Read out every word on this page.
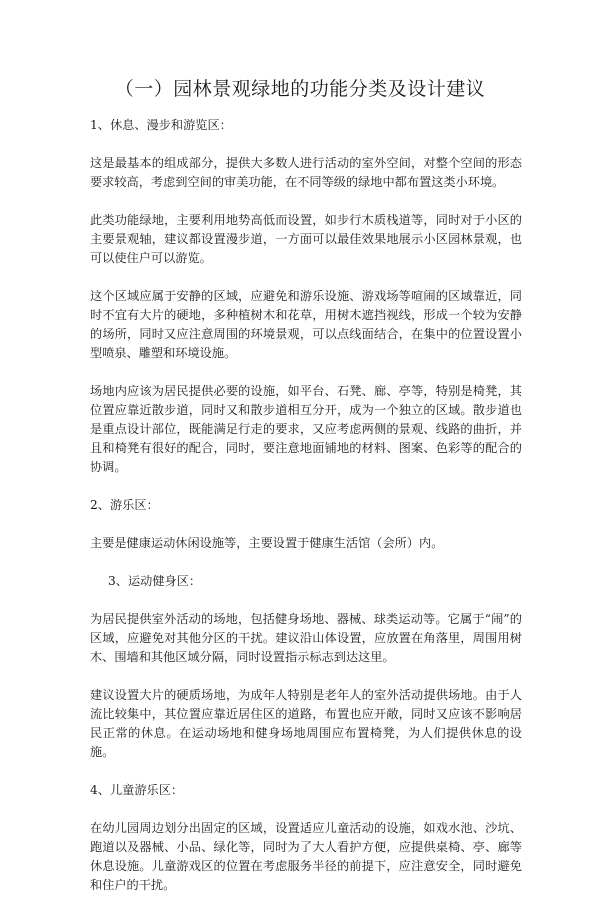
（一）园林景观绿地的功能分类及设计建议

1、休息、漫步和游览区：

这是最基本的组成部分，提供大多数人进行活动的室外空间，对整个空间的形态要求较高，考虑到空间的审美功能，在不同等级的绿地中都布置这类小环境。

此类功能绿地，主要利用地势高低而设置，如步行木质栈道等，同时对于小区的主要景观轴，建议都设置漫步道，一方面可以最佳效果地展示小区园林景观，也可以使住户可以游览。

这个区域应属于安静的区域，应避免和游乐设施、游戏场等喧闹的区域靠近，同时不宜有大片的硬地，多种植树木和花草，用树木遮挡视线，形成一个较为安静的场所，同时又应注意周围的环境景观，可以点线面结合，在集中的位置设置小型喷泉、雕塑和环境设施。

场地内应该为居民提供必要的设施，如平台、石凳、廊、亭等，特别是椅凳，其位置应靠近散步道，同时又和散步道相互分开，成为一个独立的区域。散步道也是重点设计部位，既能满足行走的要求，又应考虑两侧的景观、线路的曲折，并且和椅凳有很好的配合，同时，要注意地面铺地的材料、图案、色彩等的配合的协调。

2、游乐区：

主要是健康运动休闲设施等，主要设置于健康生活馆（会所）内。

3、运动健身区：

为居民提供室外活动的场地，包括健身场地、器械、球类运动等。它属于“闹”的区域，应避免对其他分区的干扰。建议沿山体设置，应放置在角落里，周围用树木、围墙和其他区域分隔，同时设置指示标志到达这里。

建议设置大片的硬质场地，为成年人特别是老年人的室外活动提供场地。由于人流比较集中，其位置应靠近居住区的道路，布置也应开敞，同时又应该不影响居民正常的休息。在运动场地和健身场地周围应布置椅凳，为人们提供休息的设施。

4、儿童游乐区：

在幼儿园周边划分出固定的区域，设置适应儿童活动的设施，如戏水池、沙坑、跑道以及器械、小品、绿化等，同时为了大人看护方便，应提供桌椅、亭、廊等休息设施。儿童游戏区的位置在考虑服务半径的前提下，应注意安全，同时避免和住户的干扰。
